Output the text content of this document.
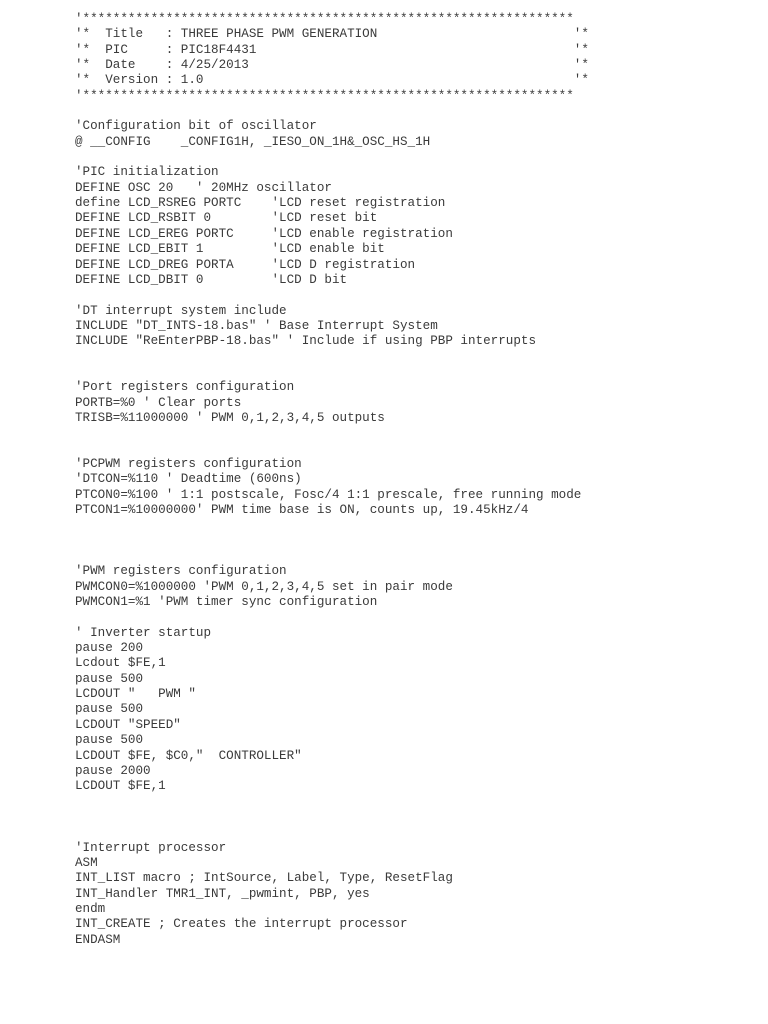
'*****************************************************************
'*  Title   : THREE PHASE PWM GENERATION                          '*
'*  PIC     : PIC18F4431                                          '*
'*  Date    : 4/25/2013                                           '*
'*  Version : 1.0                                                 '*
'*****************************************************************
'Configuration bit of oscillator
@ __CONFIG    _CONFIG1H, _IESO_ON_1H&_OSC_HS_1H
'PIC initialization
DEFINE OSC 20   ' 20MHz oscillator
define LCD_RSREG PORTC    'LCD reset registration
DEFINE LCD_RSBIT 0        'LCD reset bit
DEFINE LCD_EREG PORTC     'LCD enable registration
DEFINE LCD_EBIT 1         'LCD enable bit
DEFINE LCD_DREG PORTA     'LCD D registration
DEFINE LCD_DBIT 0         'LCD D bit
'DT interrupt system include
INCLUDE "DT_INTS-18.bas" ' Base Interrupt System
INCLUDE "ReEnterPBP-18.bas" ' Include if using PBP interrupts
'Port registers configuration
PORTB=%0 ' Clear ports
TRISB=%11000000 ' PWM 0,1,2,3,4,5 outputs
'PCPWM registers configuration
'DTCON=%110 ' Deadtime (600ns)
PTCON0=%100 ' 1:1 postscale, Fosc/4 1:1 prescale, free running mode
PTCON1=%10000000' PWM time base is ON, counts up, 19.45kHz/4
'PWM registers configuration
PWMCON0=%1000000 'PWM 0,1,2,3,4,5 set in pair mode
PWMCON1=%1 'PWM timer sync configuration
' Inverter startup
pause 200
Lcdout $FE,1
pause 500
LCDOUT "   PWM "
pause 500
LCDOUT "SPEED"
pause 500
LCDOUT $FE, $C0,"  CONTROLLER"
pause 2000
LCDOUT $FE,1
'Interrupt processor
ASM
INT_LIST macro ; IntSource, Label, Type, ResetFlag
INT_Handler TMR1_INT, _pwmint, PBP, yes
endm
INT_CREATE ; Creates the interrupt processor
ENDASM
